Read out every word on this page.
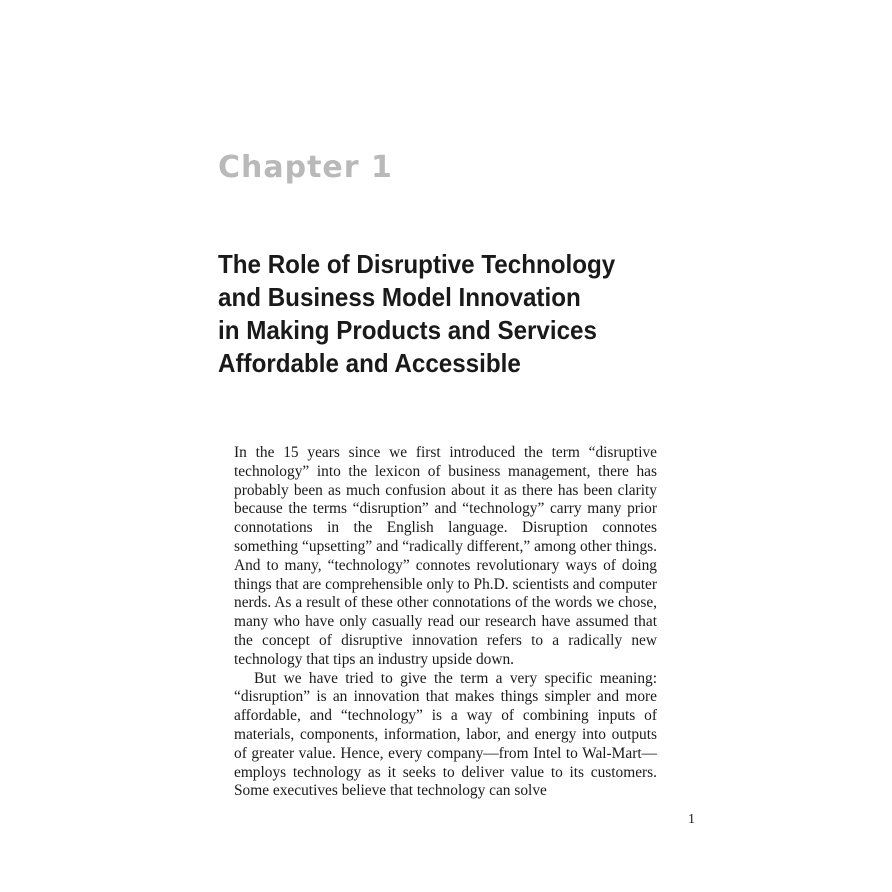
Chapter 1
The Role of Disruptive Technology
and Business Model Innovation
in Making Products and Services
Affordable and Accessible

In the 15 years since we first introduced the term “disruptive technology” into the lexicon of business management, there has probably been as much confusion about it as there has been clarity because the terms “disruption” and “technology” carry many prior connotations in the English language. Disruption connotes something “upsetting” and “radically different,” among other things. And to many, “technology” connotes revolutionary ways of doing things that are comprehensible only to Ph.D. scientists and computer nerds. As a result of these other connotations of the words we chose, many who have only casually read our research have assumed that the concept of disruptive innovation refers to a radically new technology that tips an industry upside down.

But we have tried to give the term a very specific meaning: “disruption” is an innovation that makes things simpler and more affordable, and “technology” is a way of combining inputs of materials, components, information, labor, and energy into outputs of greater value. Hence, every company—from Intel to Wal-Mart—employs technology as it seeks to deliver value to its customers. Some executives believe that technology can solve

1
